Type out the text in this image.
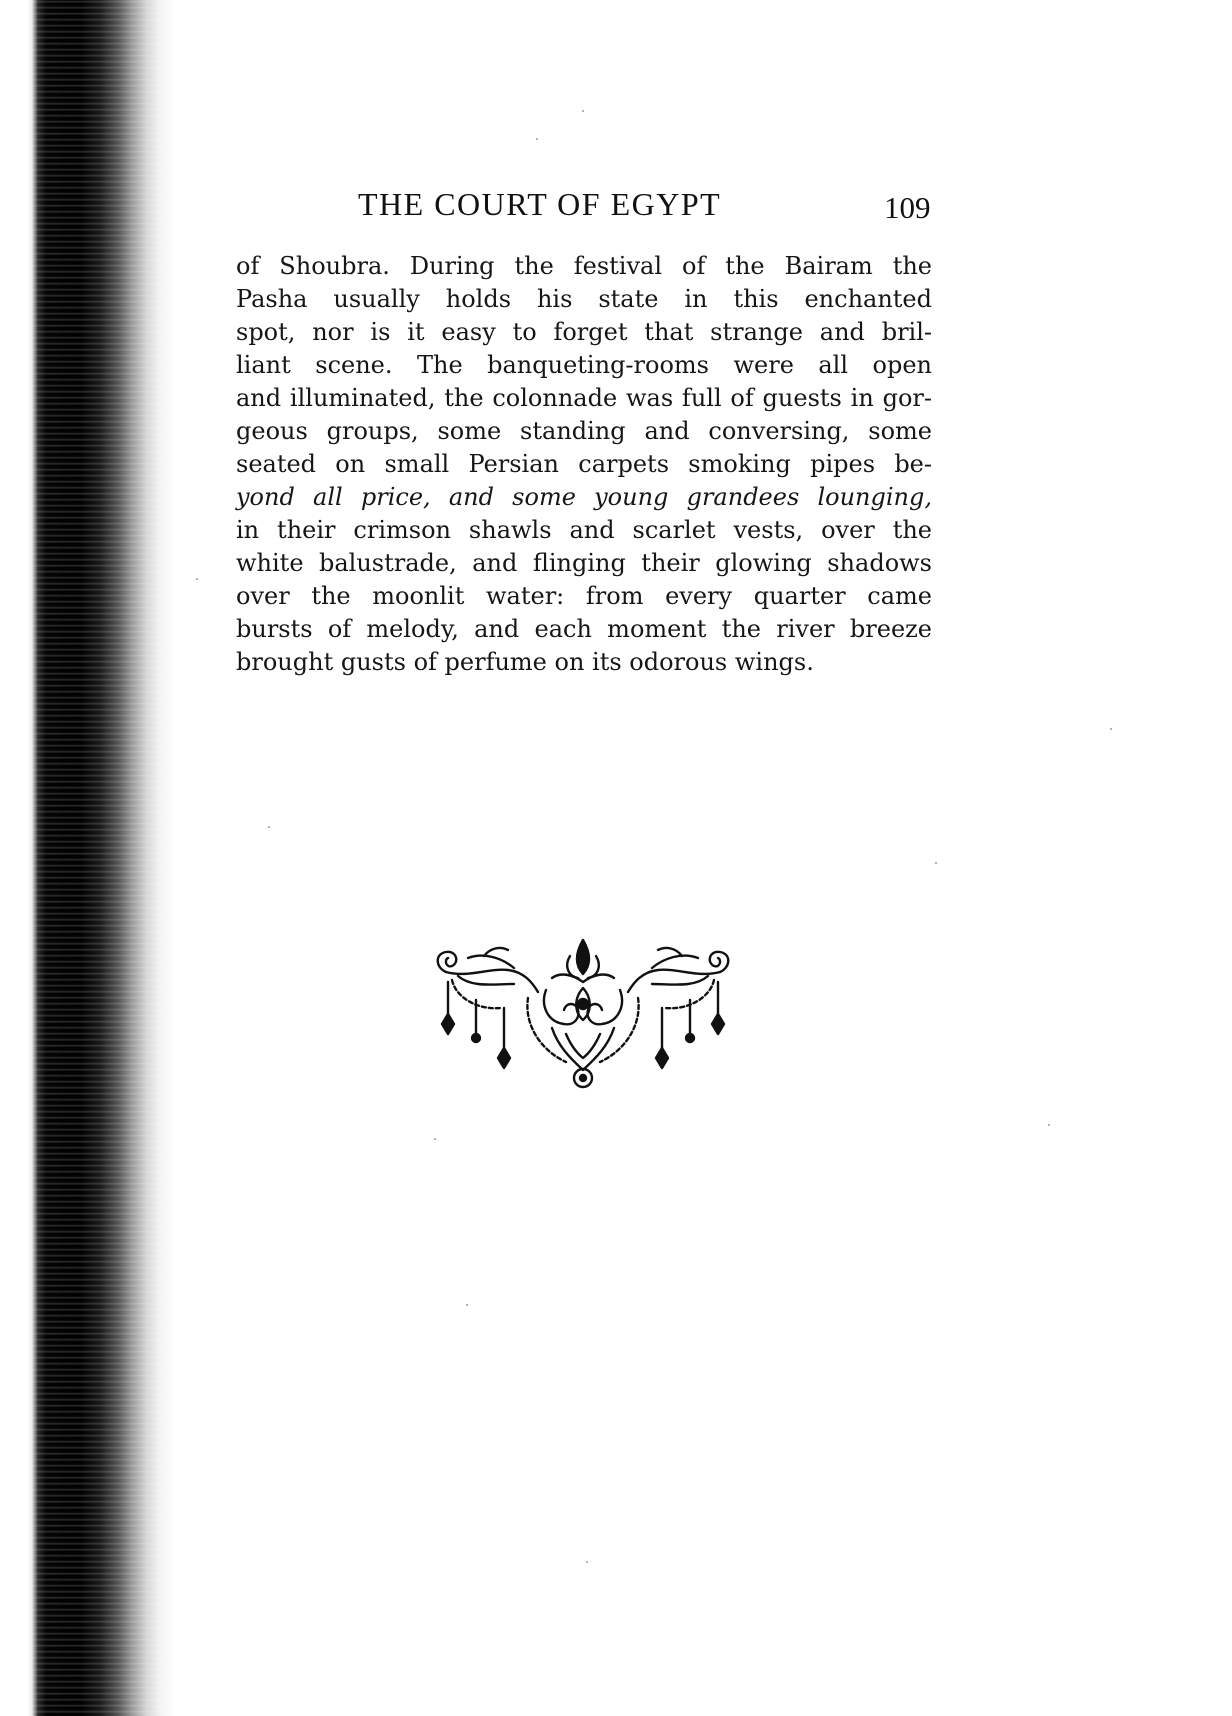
THE COURT OF EGYPT	109
of Shoubra. During the festival of the Bairam the
Pasha usually holds his state in this enchanted
spot, nor is it easy to forget that strange and bril-
liant scene. The banqueting-rooms were all open
and illuminated, the colonnade was full of guests in gor-
geous groups, some standing and conversing, some
seated on small Persian carpets smoking pipes be-
yond all price, and some young grandees lounging,
in their crimson shawls and scarlet vests, over the
white balustrade, and flinging their glowing shadows
over the moonlit water: from every quarter came
bursts of melody, and each moment the river breeze
brought gusts of perfume on its odorous wings.
